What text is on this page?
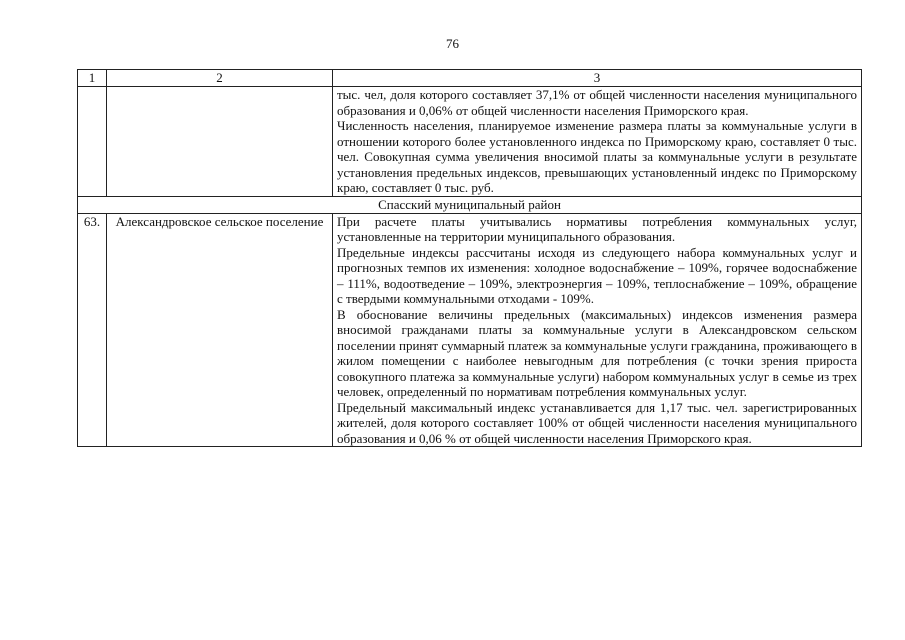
76
1	2	3

		тыс. чел, доля которого составляет 37,1% от общей численности населения муниципального образования и 0,06% от общей численности населения Приморского края.
Численность населения, планируемое изменение размера платы за коммунальные услуги в отношении которого более установленного индекса по Приморскому краю, составляет 0 тыс. чел. Совокупная сумма увеличения вносимой платы за коммунальные услуги в результате установления предельных индексов, превышающих установленный индекс по Приморскому краю, составляет 0 тыс. руб.

Спасский муниципальный район		
63.	Александровское сельское поселение	При расчете платы учитывались нормативы потребления коммунальных услуг, установленные на территории муниципального образования.
Предельные индексы рассчитаны исходя из следующего набора коммунальных услуг и прогнозных темпов их изменения: холодное водоснабжение – 109%, горячее водоснабжение – 111%, водоотведение – 109%, электроэнергия – 109%, теплоснабжение – 109%, обращение с твердыми коммунальными отходами - 109%.
В обоснование величины предельных (максимальных) индексов изменения размера вносимой гражданами платы за коммунальные услуги в Александровском сельском поселении принят суммарный платеж за коммунальные услуги гражданина, проживающего в жилом помещении с наиболее невыгодным для потребления (с точки зрения прироста совокупного платежа за коммунальные услуги) набором коммунальных услуг в семье из трех человек, определенный по нормативам потребления коммунальных услуг.
Предельный максимальный индекс устанавливается для 1,17 тыс. чел. зарегистрированных жителей, доля которого составляет 100% от общей численности населения муниципального образования и 0,06 % от общей численности населения Приморского края.
